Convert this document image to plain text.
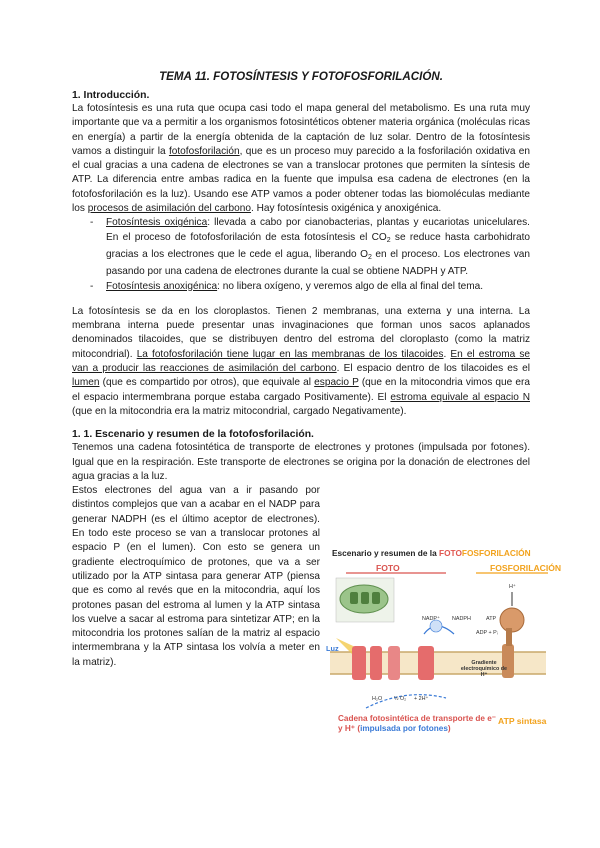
TEMA 11. FOTOSÍNTESIS Y FOTOFOSFORILACIÓN.
1. Introducción.

La fotosíntesis es una ruta que ocupa casi todo el mapa general del metabolismo. Es una ruta muy importante que va a permitir a los organismos fotosintéticos obtener materia orgánica (moléculas ricas en energía) a partir de la energía obtenida de la captación de luz solar. Dentro de la fotosíntesis vamos a distinguir la fotofosforilación, que es un proceso muy parecido a la fosforilación oxidativa en el cual gracias a una cadena de electrones se van a translocar protones que permiten la síntesis de ATP. La diferencia entre ambas radica en la fuente que impulsa esa cadena de electrones (en la fotofosforilación es la luz). Usando ese ATP vamos a poder obtener todas las biomoléculas mediante los procesos de asimilación del carbono. Hay fotosíntesis oxigénica y anoxigénica.

- Fotosíntesis oxigénica: llevada a cabo por cianobacterias, plantas y eucariotas unicelulares. En el proceso de fotofosforilación de esta fotosíntesis el $CO_2$ se reduce hasta carbohidrato gracias a los electrones que le cede el agua, liberando $O_2$ en el proceso. Los electrones van pasando por una cadena de electrones durante la cual se obtiene NADPH y ATP.
- Fotosíntesis anoxigénica: no libera oxígeno, y veremos algo de ella al final del tema.

La fotosíntesis se da en los cloroplastos. Tienen 2 membranas, una externa y una interna. La membrana interna puede presentar unas invaginaciones que forman unos sacos aplanados denominados tilacoides, que se distribuyen dentro del estroma del cloroplasto (como la matriz mitocondrial). La fotofosforilación tiene lugar en las membranas de los tilacoides. En el estroma se van a producir las reacciones de asimilación del carbono. El espacio dentro de los tilacoides es el lumen (que es compartido por otros), que equivale al espacio P (que en la mitocondria vimos que era el espacio intermembrana porque estaba cargado Positivamente). El estroma equivale al espacio N (que en la mitocondria era la matriz mitocondrial, cargado Negativamente).

1. 1. Escenario y resumen de la fotofosforilación.

Tenemos una cadena fotosintética de transporte de electrones y protones (impulsada por fotones). Igual que en la respiración. Este transporte de electrones se origina por la donación de electrones del agua gracias a la luz.

Estos electrones del agua van a ir pasando por distintos complejos que van a acabar en el NADP para generar NADPH (es el último aceptor de electrones). En todo este proceso se van a translocar protones al espacio P (en el lumen). Con esto se genera un gradiente electroquímico de protones, que va a ser utilizado por la ATP sintasa para generar ATP (piensa que es como al revés que en la mitocondria, aquí los protones pasan del estroma al lumen y la ATP sintasa los vuelve a sacar al estroma para sintetizar ATP; en la mitocondria los protones salían de la matriz al espacio intermembrana y la ATP sintasa los volvía a meter en la matriz).

Escenario y resumen de la FOTOFOSFORILACIÓN
FOTO	FOSFORILACIÓN
Luz
NADP⁺ NADPH	ATP
ADP + Pᵢ
H⁺
Gradiente electroquímico de H⁺
H₂O ½ O₂ + 2H⁺
Cadena fotosintética de transporte de e⁻ y H⁺ (impulsada por fotones)
ATP sintasa
